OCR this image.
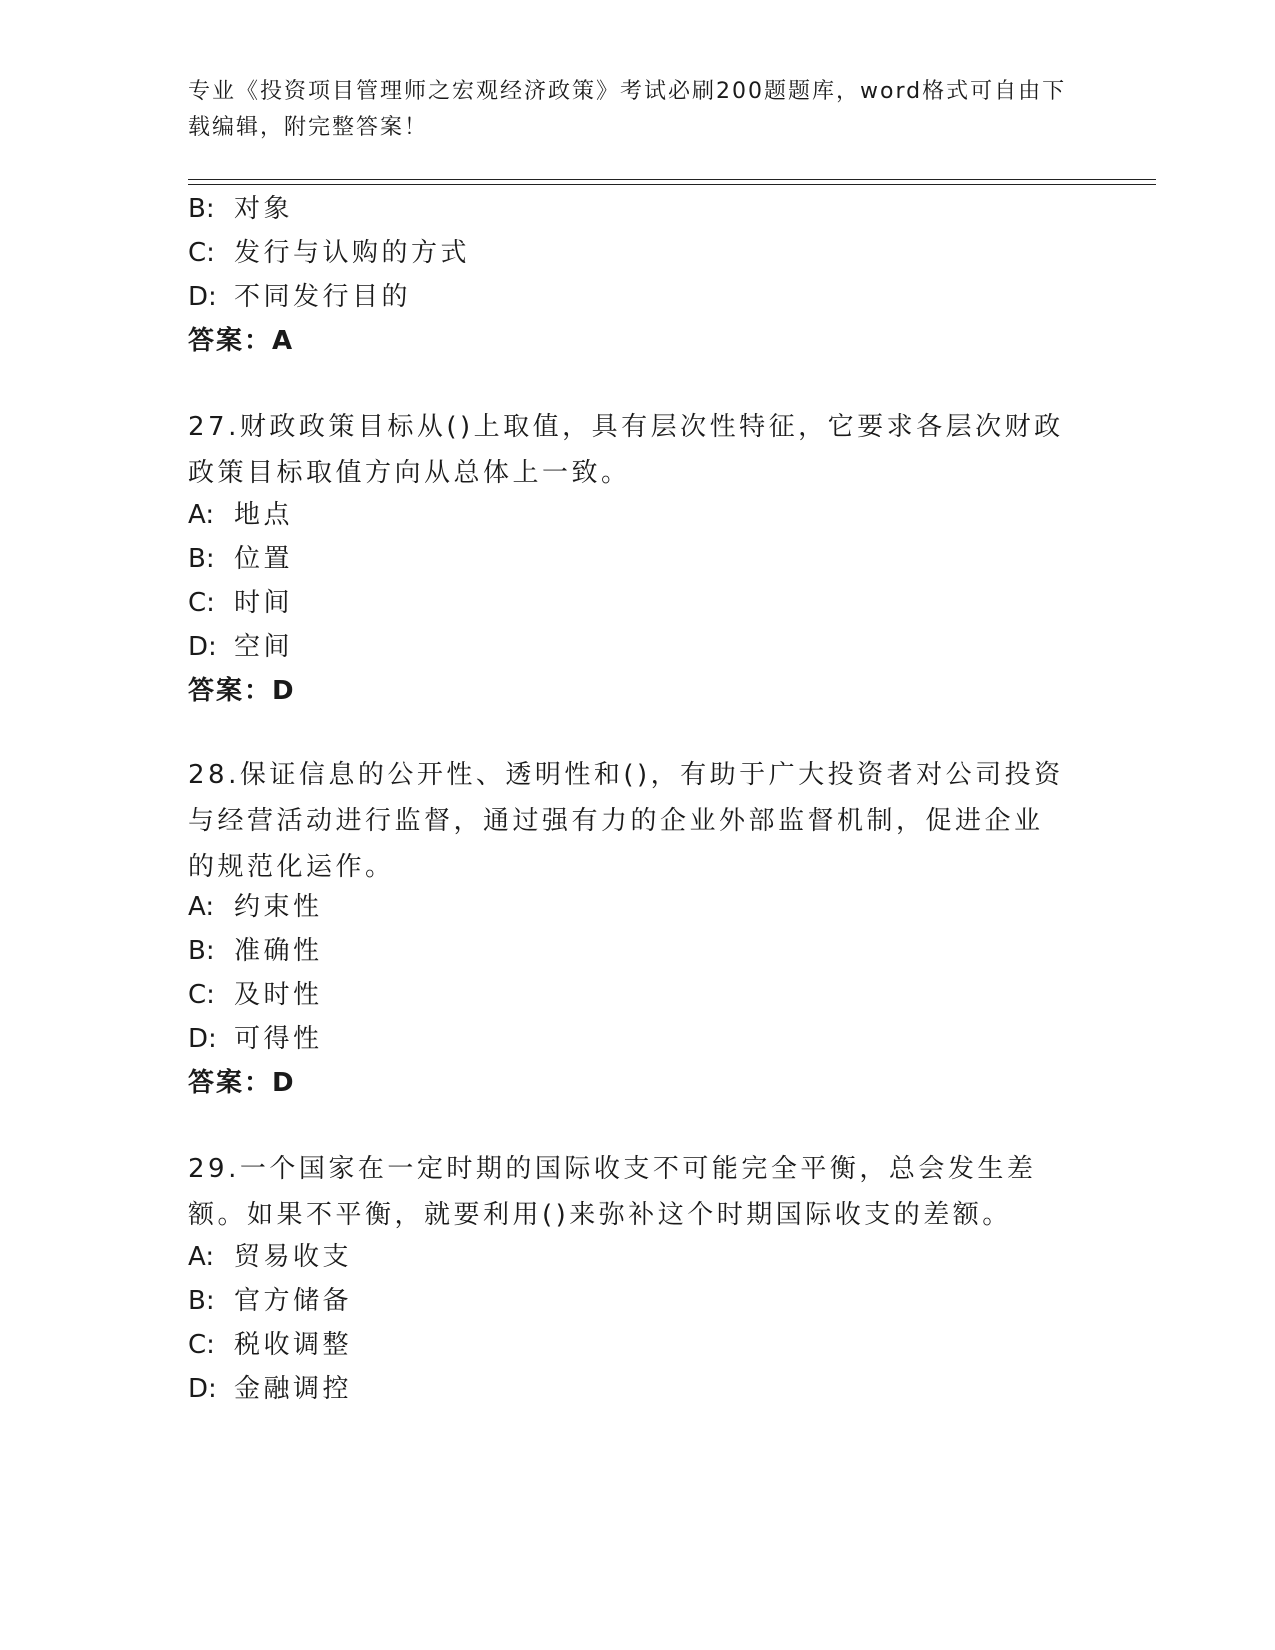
专业《投资项目管理师之宏观经济政策》考试必刷200题题库，word格式可自由下载编辑，附完整答案！
B: 对象
C: 发行与认购的方式
D: 不同发行目的
答案：A
27.财政政策目标从()上取值，具有层次性特征，它要求各层次财政政策目标取值方向从总体上一致。
A: 地点
B: 位置
C: 时间
D: 空间
答案：D
28.保证信息的公开性、透明性和()，有助于广大投资者对公司投资与经营活动进行监督，通过强有力的企业外部监督机制，促进企业的规范化运作。
A: 约束性
B: 准确性
C: 及时性
D: 可得性
答案：D
29.一个国家在一定时期的国际收支不可能完全平衡，总会发生差额。如果不平衡，就要利用()来弥补这个时期国际收支的差额。
A: 贸易收支
B: 官方储备
C: 税收调整
D: 金融调控
